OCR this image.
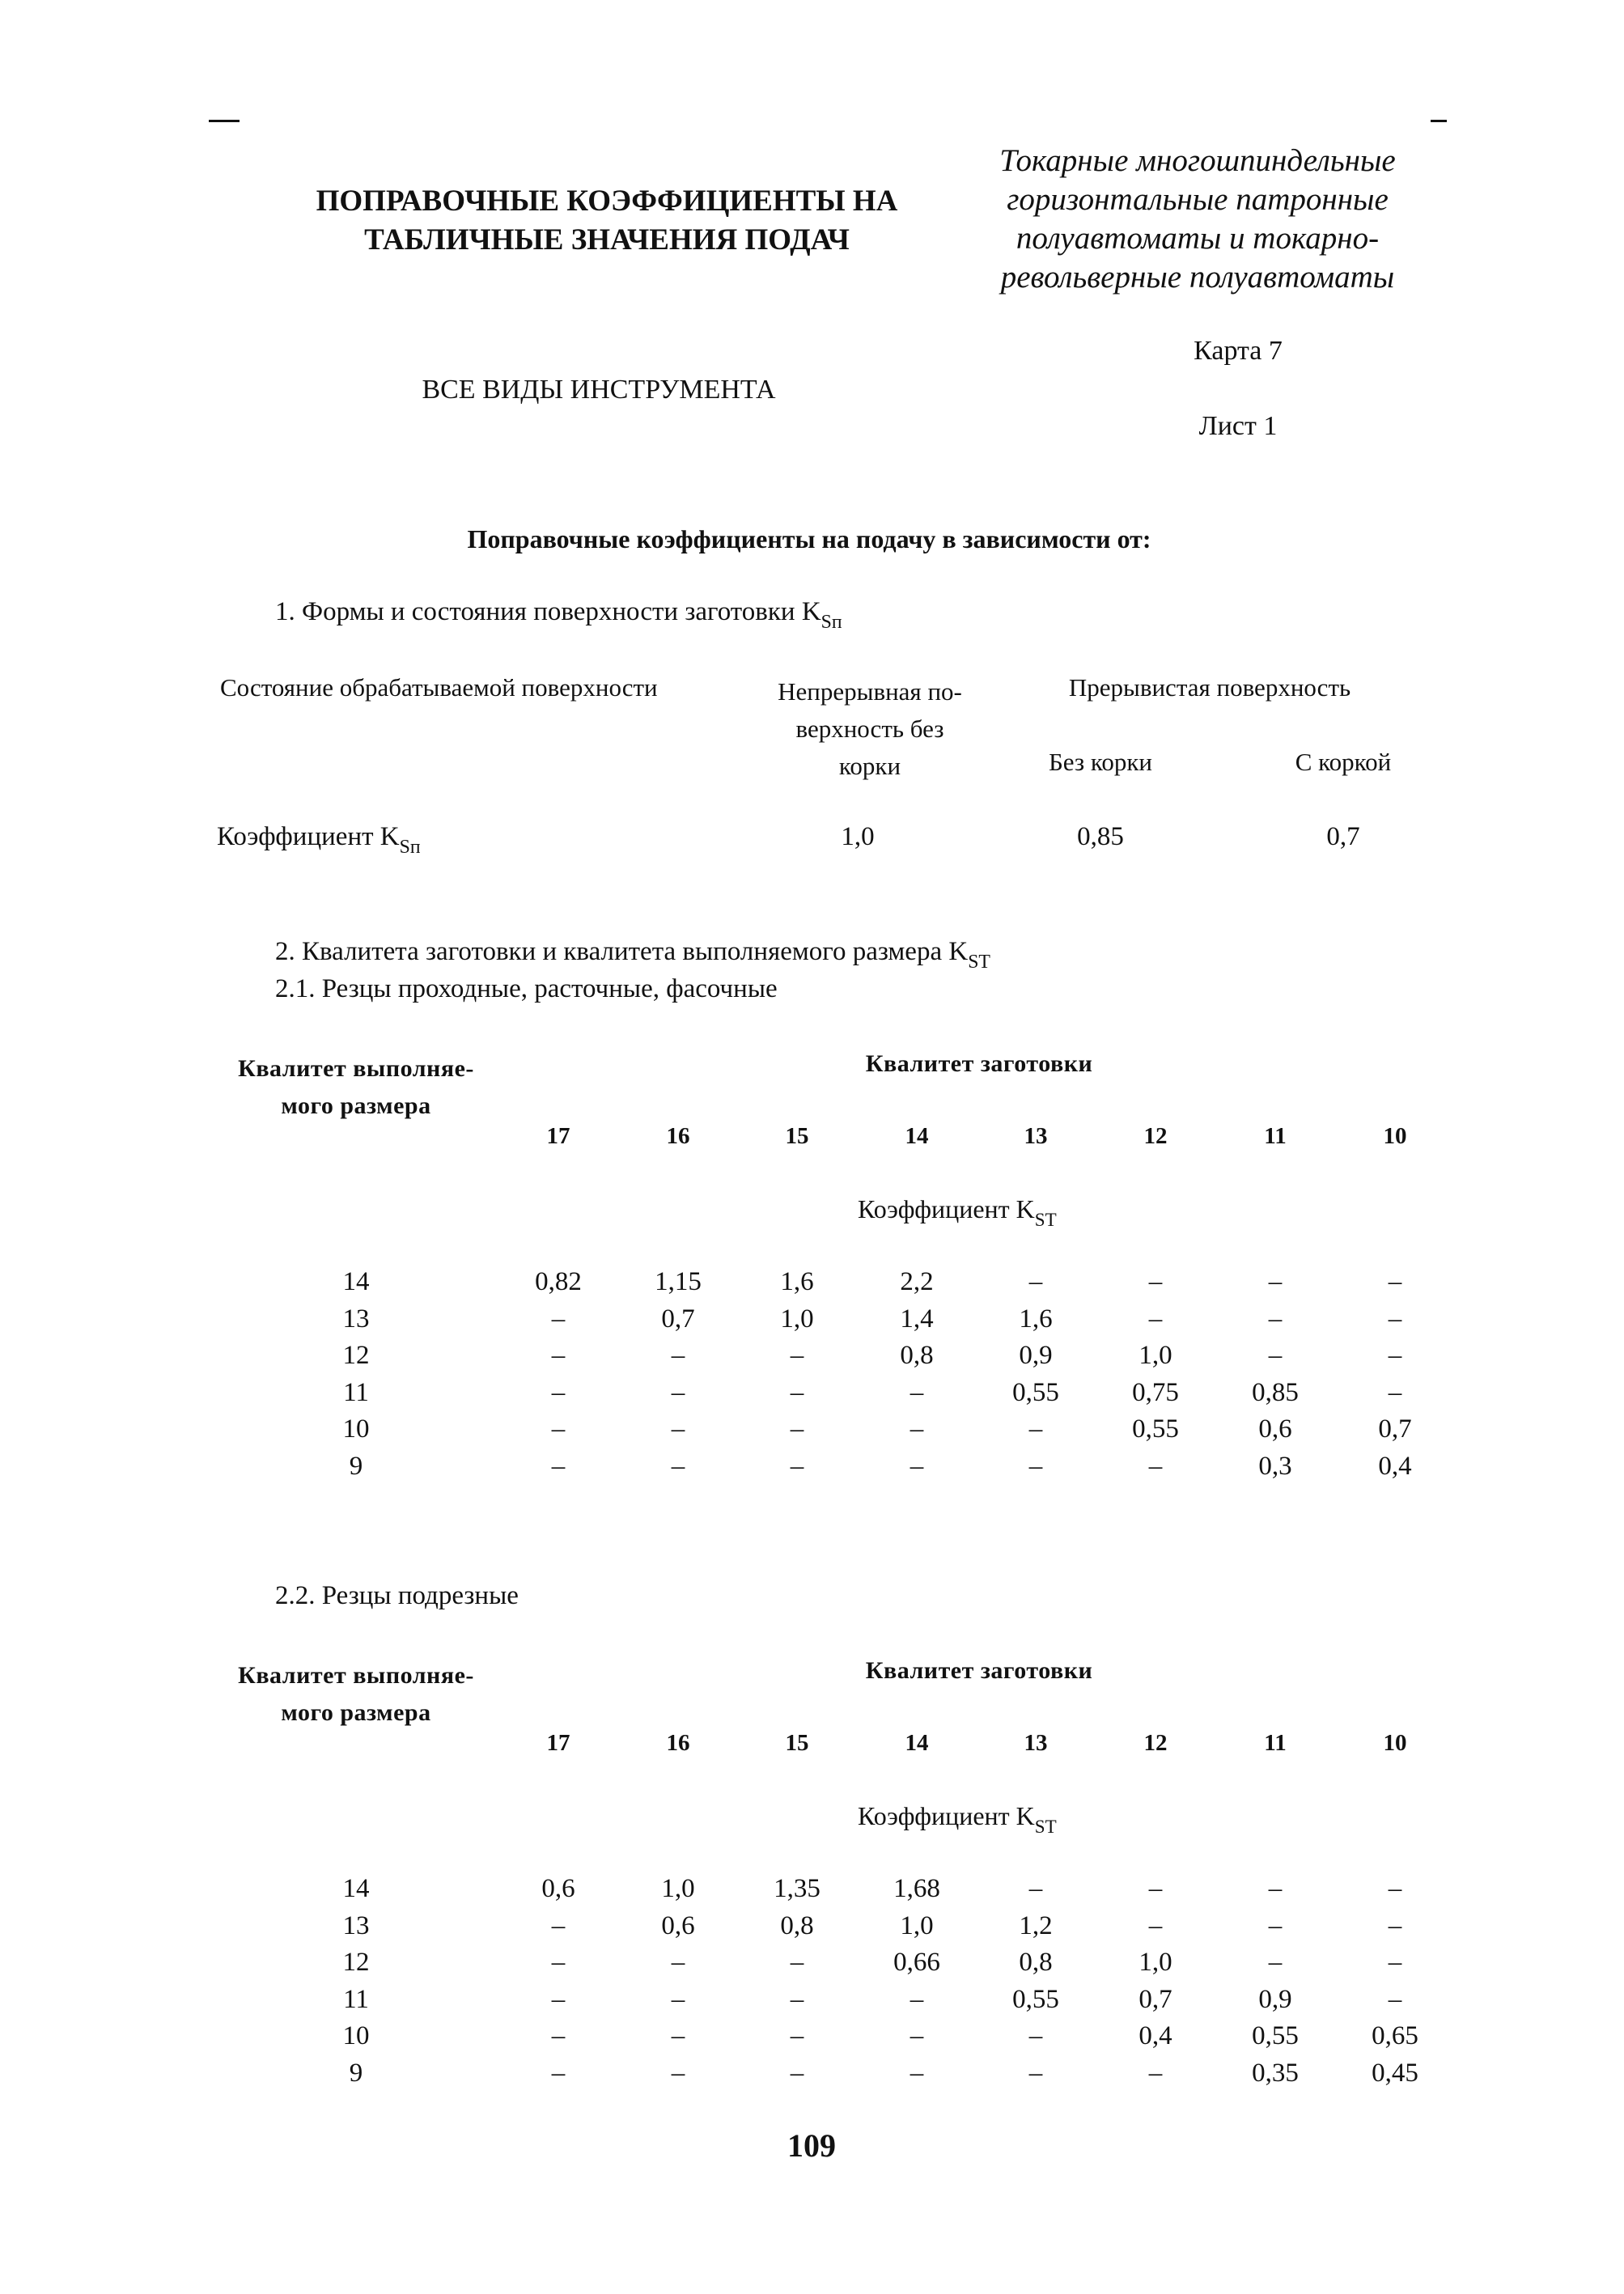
ПОПРАВОЧНЫЕ КОЭФФИЦИЕНТЫ НА
ТАБЛИЧНЫЕ ЗНАЧЕНИЯ ПОДАЧ
Токарные многошпиндельные
горизонтальные патронные
полуавтоматы и токарно-
револьверные полуавтоматы
Карта 7
ВСЕ ВИДЫ ИНСТРУМЕНТА
Лист 1
Поправочные коэффициенты на подачу в зависимости от:
1. Формы и состояния поверхности заготовки $K_{Sп}$
Состояние обрабатываемой поверхности	Непрерывная по-
верхность без
корки
Прерывистая поверхность
Без корки	С коркой
Коэффициент $K_{Sп}$	1,0	0,85	0,7
2. Квалитета заготовки и квалитета выполняемого размера $K_{ST}$
2.1. Резцы проходные, расточные, фасочные
Квалитет выполняе-
мого размера
Квалитет заготовки
17	16	15	14	13	12	11	10
Коэффициент $K_{ST}$
14	0,82	1,15	1,6	2,2	–	–	–	–
13	–	0,7	1,0	1,4	1,6	–	–	–
12	–	–	–	0,8	0,9	1,0	–	–
11	–	–	–	–	0,55	0,75	0,85	–
10	–	–	–	–	–	0,55	0,6	0,7
9	–	–	–	–	–	–	0,3	0,4
2.2. Резцы подрезные
Квалитет выполняе-
мого размера
Квалитет заготовки
17	16	15	14	13	12	11	10
Коэффициент $K_{ST}$
14	0,6	1,0	1,35	1,68	–	–	–	–
13	–	0,6	0,8	1,0	1,2	–	–	–
12	–	–	–	0,66	0,8	1,0	–	–
11	–	–	–	–	0,55	0,7	0,9	–
10	–	–	–	–	–	0,4	0,55	0,65
9	–	–	–	–	–	–	0,35	0,45
109
